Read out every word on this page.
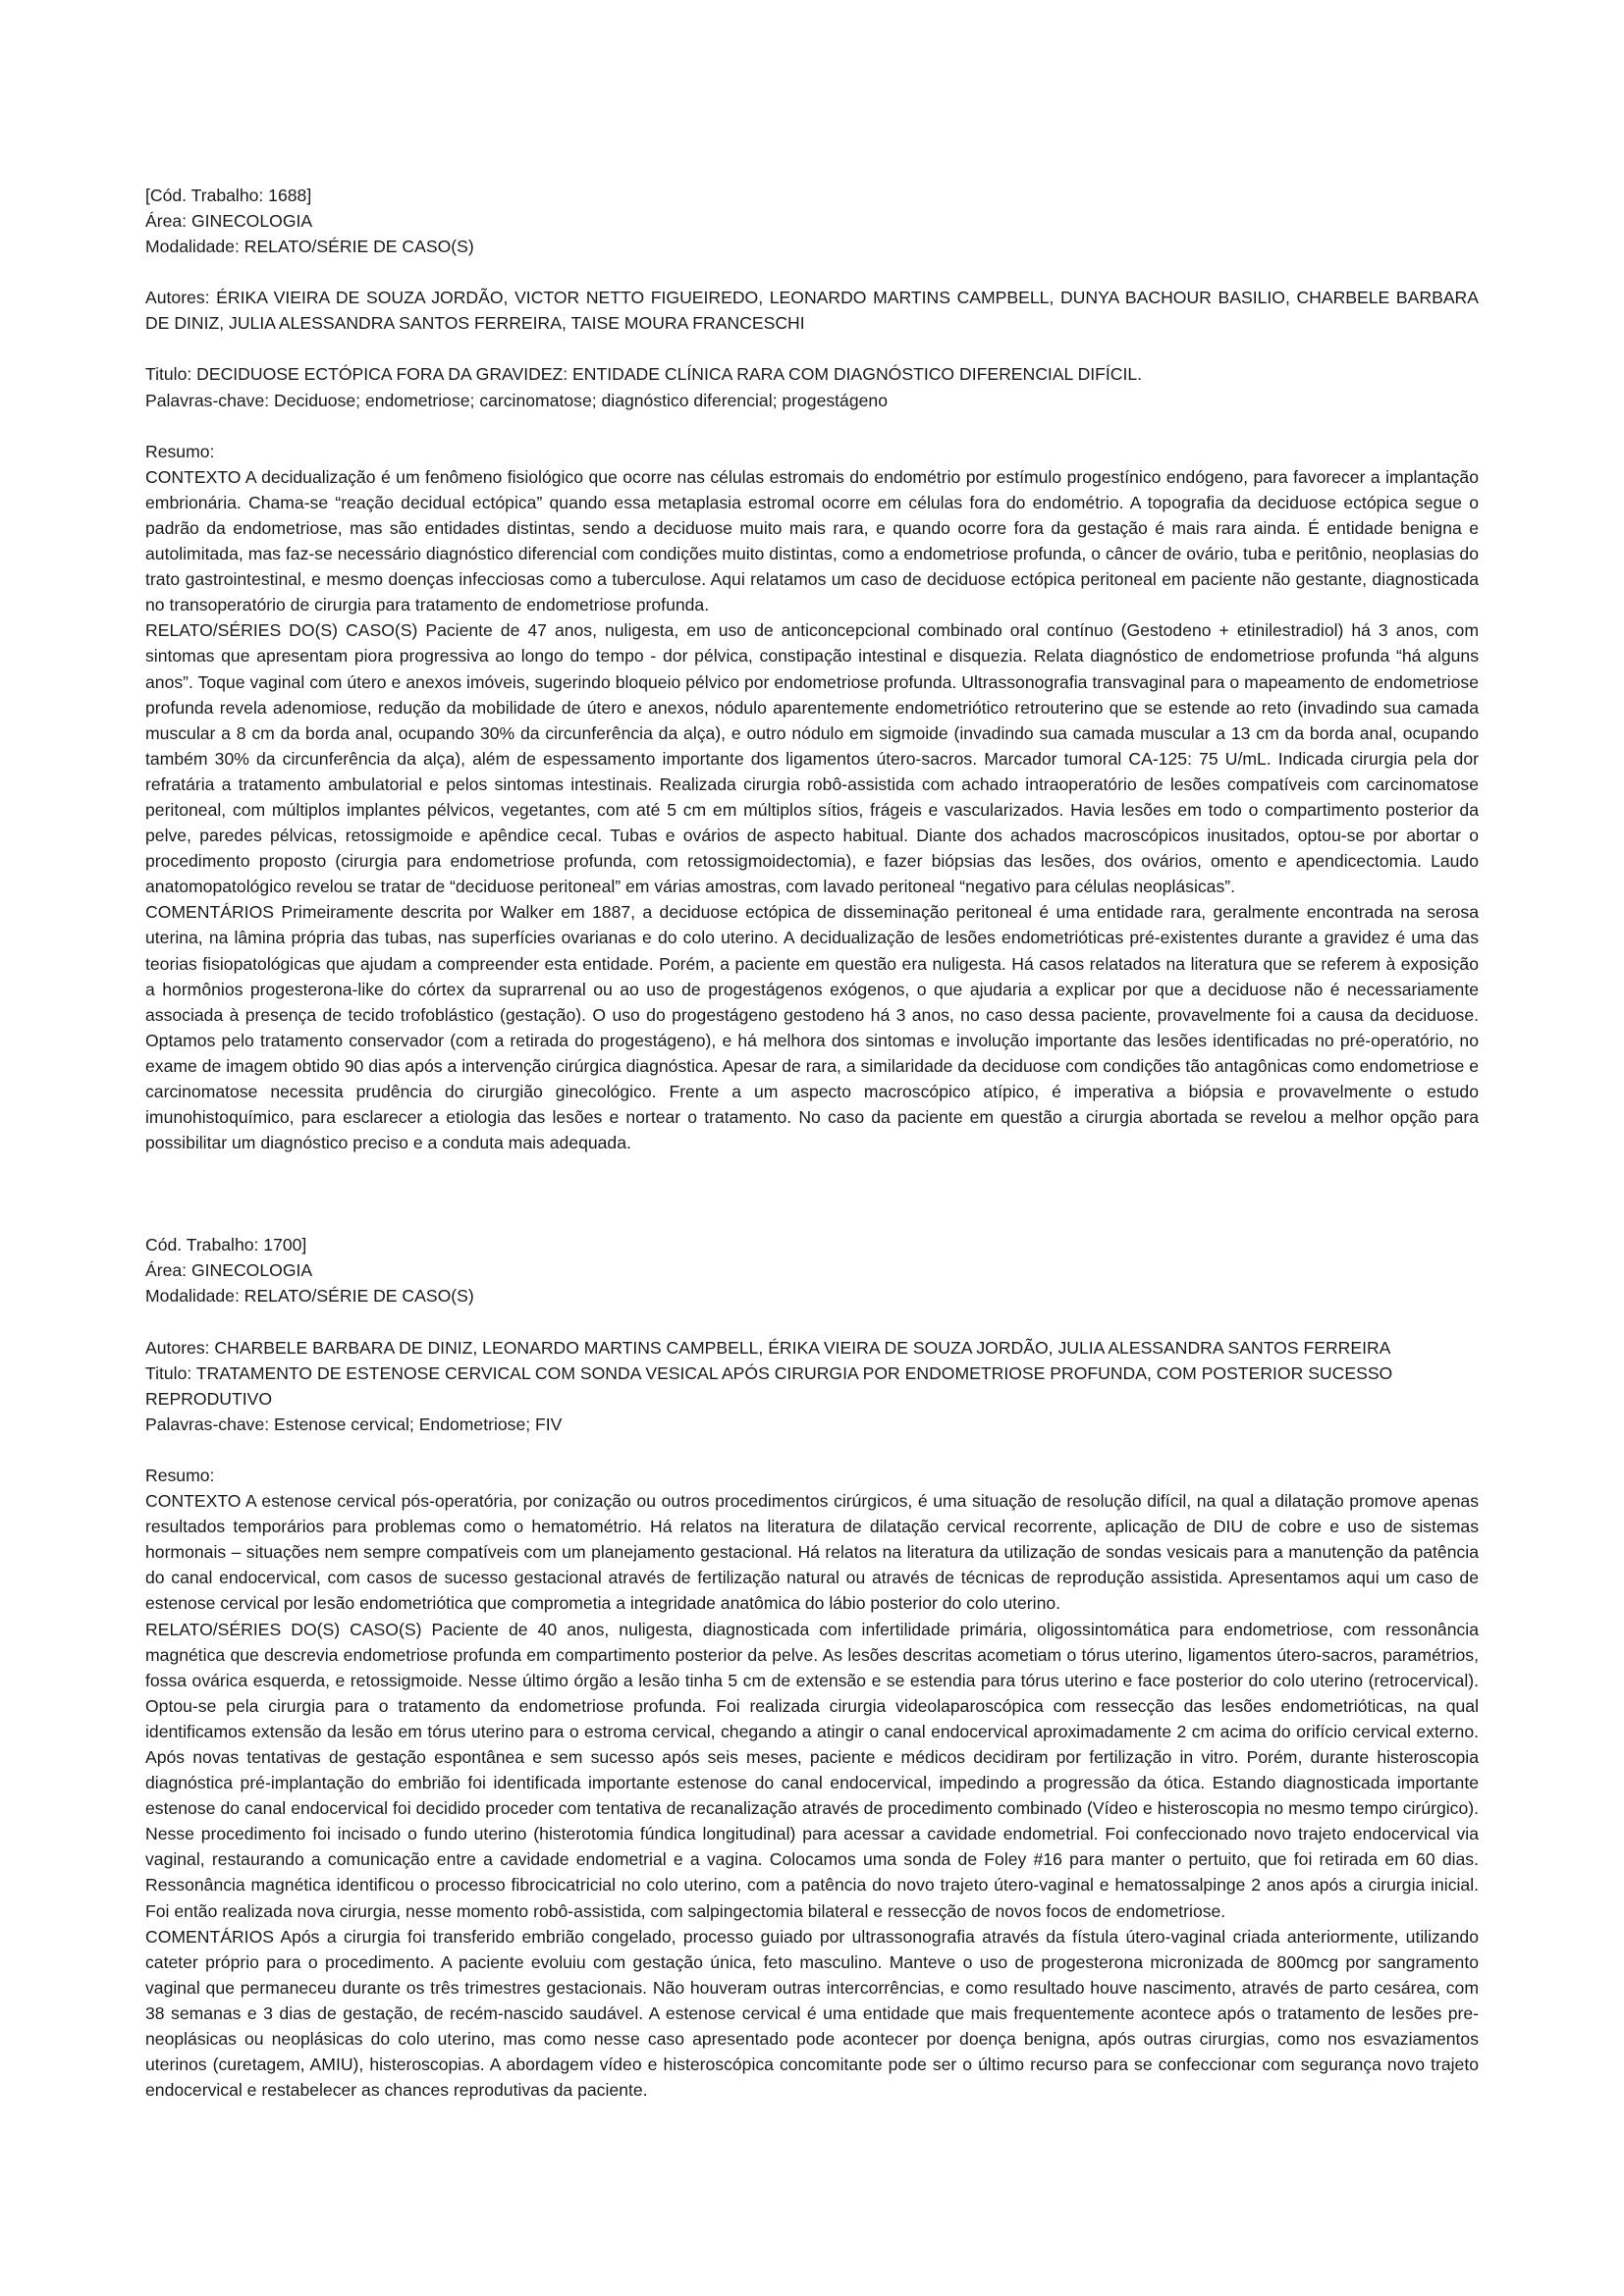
[Cód. Trabalho: 1688]

Área: GINECOLOGIA

Modalidade: RELATO/SÉRIE DE CASO(S)

Autores: ÉRIKA VIEIRA DE SOUZA JORDÃO, VICTOR NETTO FIGUEIREDO, LEONARDO MARTINS CAMPBELL, DUNYA BACHOUR BASILIO, CHARBELE BARBARA DE DINIZ, JULIA ALESSANDRA SANTOS FERREIRA, TAISE MOURA FRANCESCHI

Titulo: DECIDUOSE ECTÓPICA FORA DA GRAVIDEZ: ENTIDADE CLÍNICA RARA COM DIAGNÓSTICO DIFERENCIAL DIFÍCIL.

Palavras-chave: Deciduose; endometriose; carcinomatose; diagnóstico diferencial; progestágeno

Resumo:

CONTEXTO A decidualização é um fenômeno fisiológico que ocorre nas células estromais do endométrio por estímulo progestínico endógeno, para favorecer a implantação embrionária. Chama-se “reação decidual ectópica” quando essa metaplasia estromal ocorre em células fora do endométrio. A topografia da deciduose ectópica segue o padrão da endometriose, mas são entidades distintas, sendo a deciduose muito mais rara, e quando ocorre fora da gestação é mais rara ainda. É entidade benigna e autolimitada, mas faz-se necessário diagnóstico diferencial com condições muito distintas, como a endometriose profunda, o câncer de ovário, tuba e peritônio, neoplasias do trato gastrointestinal, e mesmo doenças infecciosas como a tuberculose. Aqui relatamos um caso de deciduose ectópica peritoneal em paciente não gestante, diagnosticada no transoperatório de cirurgia para tratamento de endometriose profunda.

RELATO/SÉRIES DO(S) CASO(S) Paciente de 47 anos, nuligesta, em uso de anticoncepcional combinado oral contínuo (Gestodeno + etinilestradiol) há 3 anos, com sintomas que apresentam piora progressiva ao longo do tempo - dor pélvica, constipação intestinal e disquezia. Relata diagnóstico de endometriose profunda “há alguns anos”. Toque vaginal com útero e anexos imóveis, sugerindo bloqueio pélvico por endometriose profunda. Ultrassonografia transvaginal para o mapeamento de endometriose profunda revela adenomiose, redução da mobilidade de útero e anexos, nódulo aparentemente endometriótico retrouterino que se estende ao reto (invadindo sua camada muscular a 8 cm da borda anal, ocupando 30% da circunferência da alça), e outro nódulo em sigmoide (invadindo sua camada muscular a 13 cm da borda anal, ocupando também 30% da circunferência da alça), além de espessamento importante dos ligamentos útero-sacros. Marcador tumoral CA-125: 75 U/mL. Indicada cirurgia pela dor refratária a tratamento ambulatorial e pelos sintomas intestinais. Realizada cirurgia robô-assistida com achado intraoperatório de lesões compatíveis com carcinomatose peritoneal, com múltiplos implantes pélvicos, vegetantes, com até 5 cm em múltiplos sítios, frágeis e vascularizados. Havia lesões em todo o compartimento posterior da pelve, paredes pélvicas, retossigmoide e apêndice cecal. Tubas e ovários de aspecto habitual. Diante dos achados macroscópicos inusitados, optou-se por abortar o procedimento proposto (cirurgia para endometriose profunda, com retossigmoidectomia), e fazer biópsias das lesões, dos ovários, omento e apendicectomia. Laudo anatomopatológico revelou se tratar de “deciduose peritoneal” em várias amostras, com lavado peritoneal “negativo para células neoplásicas”.

COMENTÁRIOS Primeiramente descrita por Walker em 1887, a deciduose ectópica de disseminação peritoneal é uma entidade rara, geralmente encontrada na serosa uterina, na lâmina própria das tubas, nas superfícies ovarianas e do colo uterino. A decidualização de lesões endometrióticas pré-existentes durante a gravidez é uma das teorias fisiopatológicas que ajudam a compreender esta entidade. Porém, a paciente em questão era nuligesta. Há casos relatados na literatura que se referem à exposição a hormônios progesterona-like do córtex da suprarrenal ou ao uso de progestágenos exógenos, o que ajudaria a explicar por que a deciduose não é necessariamente associada à presença de tecido trofoblástico (gestação). O uso do progestágeno gestodeno há 3 anos, no caso dessa paciente, provavelmente foi a causa da deciduose. Optamos pelo tratamento conservador (com a retirada do progestágeno), e há melhora dos sintomas e involução importante das lesões identificadas no pré-operatório, no exame de imagem obtido 90 dias após a intervenção cirúrgica diagnóstica. Apesar de rara, a similaridade da deciduose com condições tão antagônicas como endometriose e carcinomatose necessita prudência do cirurgião ginecológico. Frente a um aspecto macroscópico atípico, é imperativa a biópsia e provavelmente o estudo imunohistoquímico, para esclarecer a etiologia das lesões e nortear o tratamento. No caso da paciente em questão a cirurgia abortada se revelou a melhor opção para possibilitar um diagnóstico preciso e a conduta mais adequada.

Cód. Trabalho: 1700]

Área: GINECOLOGIA

Modalidade: RELATO/SÉRIE DE CASO(S)

Autores: CHARBELE BARBARA DE DINIZ, LEONARDO MARTINS CAMPBELL, ÉRIKA VIEIRA DE SOUZA JORDÃO, JULIA ALESSANDRA SANTOS FERREIRA

Titulo: TRATAMENTO DE ESTENOSE CERVICAL COM SONDA VESICAL APÓS CIRURGIA POR ENDOMETRIOSE PROFUNDA, COM POSTERIOR SUCESSO REPRODUTIVO

Palavras-chave: Estenose cervical; Endometriose; FIV

Resumo:

CONTEXTO A estenose cervical pós-operatória, por conização ou outros procedimentos cirúrgicos, é uma situação de resolução difícil, na qual a dilatação promove apenas resultados temporários para problemas como o hematométrio. Há relatos na literatura de dilatação cervical recorrente, aplicação de DIU de cobre e uso de sistemas hormonais – situações nem sempre compatíveis com um planejamento gestacional. Há relatos na literatura da utilização de sondas vesicais para a manutenção da patência do canal endocervical, com casos de sucesso gestacional através de fertilização natural ou através de técnicas de reprodução assistida. Apresentamos aqui um caso de estenose cervical por lesão endometriótica que comprometia a integridade anatômica do lábio posterior do colo uterino.

RELATO/SÉRIES DO(S) CASO(S) Paciente de 40 anos, nuligesta, diagnosticada com infertilidade primária, oligossintomática para endometriose, com ressonância magnética que descrevia endometriose profunda em compartimento posterior da pelve. As lesões descritas acometiam o tórus uterino, ligamentos útero-sacros, paramétrios, fossa ovárica esquerda, e retossigmoide. Nesse último órgão a lesão tinha 5 cm de extensão e se estendia para tórus uterino e face posterior do colo uterino (retrocervical). Optou-se pela cirurgia para o tratamento da endometriose profunda. Foi realizada cirurgia videolaparoscópica com ressecção das lesões endometrióticas, na qual identificamos extensão da lesão em tórus uterino para o estroma cervical, chegando a atingir o canal endocervical aproximadamente 2 cm acima do orifício cervical externo. Após novas tentativas de gestação espontânea e sem sucesso após seis meses, paciente e médicos decidiram por fertilização in vitro. Porém, durante histeroscopia diagnóstica pré-implantação do embrião foi identificada importante estenose do canal endocervical, impedindo a progressão da ótica. Estando diagnosticada importante estenose do canal endocervical foi decidido proceder com tentativa de recanalização através de procedimento combinado (Vídeo e histeroscopia no mesmo tempo cirúrgico). Nesse procedimento foi incisado o fundo uterino (histerotomia fúndica longitudinal) para acessar a cavidade endometrial. Foi confeccionado novo trajeto endocervical via vaginal, restaurando a comunicação entre a cavidade endometrial e a vagina. Colocamos uma sonda de Foley #16 para manter o pertuito, que foi retirada em 60 dias. Ressonância magnética identificou o processo fibrocicatricial no colo uterino, com a patência do novo trajeto útero-vaginal e hematossalpinge 2 anos após a cirurgia inicial. Foi então realizada nova cirurgia, nesse momento robô-assistida, com salpingectomia bilateral e ressecção de novos focos de endometriose.

COMENTÁRIOS Após a cirurgia foi transferido embrião congelado, processo guiado por ultrassonografia através da fístula útero-vaginal criada anteriormente, utilizando cateter próprio para o procedimento. A paciente evoluiu com gestação única, feto masculino. Manteve o uso de progesterona micronizada de 800mcg por sangramento vaginal que permaneceu durante os três trimestres gestacionais. Não houveram outras intercorrências, e como resultado houve nascimento, através de parto cesárea, com 38 semanas e 3 dias de gestação, de recém-nascido saudável. A estenose cervical é uma entidade que mais frequentemente acontece após o tratamento de lesões pre-neoplásicas ou neoplásicas do colo uterino, mas como nesse caso apresentado pode acontecer por doença benigna, após outras cirurgias, como nos esvaziamentos uterinos (curetagem, AMIU), histeroscopias. A abordagem vídeo e histeroscópica concomitante pode ser o último recurso para se confeccionar com segurança novo trajeto endocervical e restabelecer as chances reprodutivas da paciente.
